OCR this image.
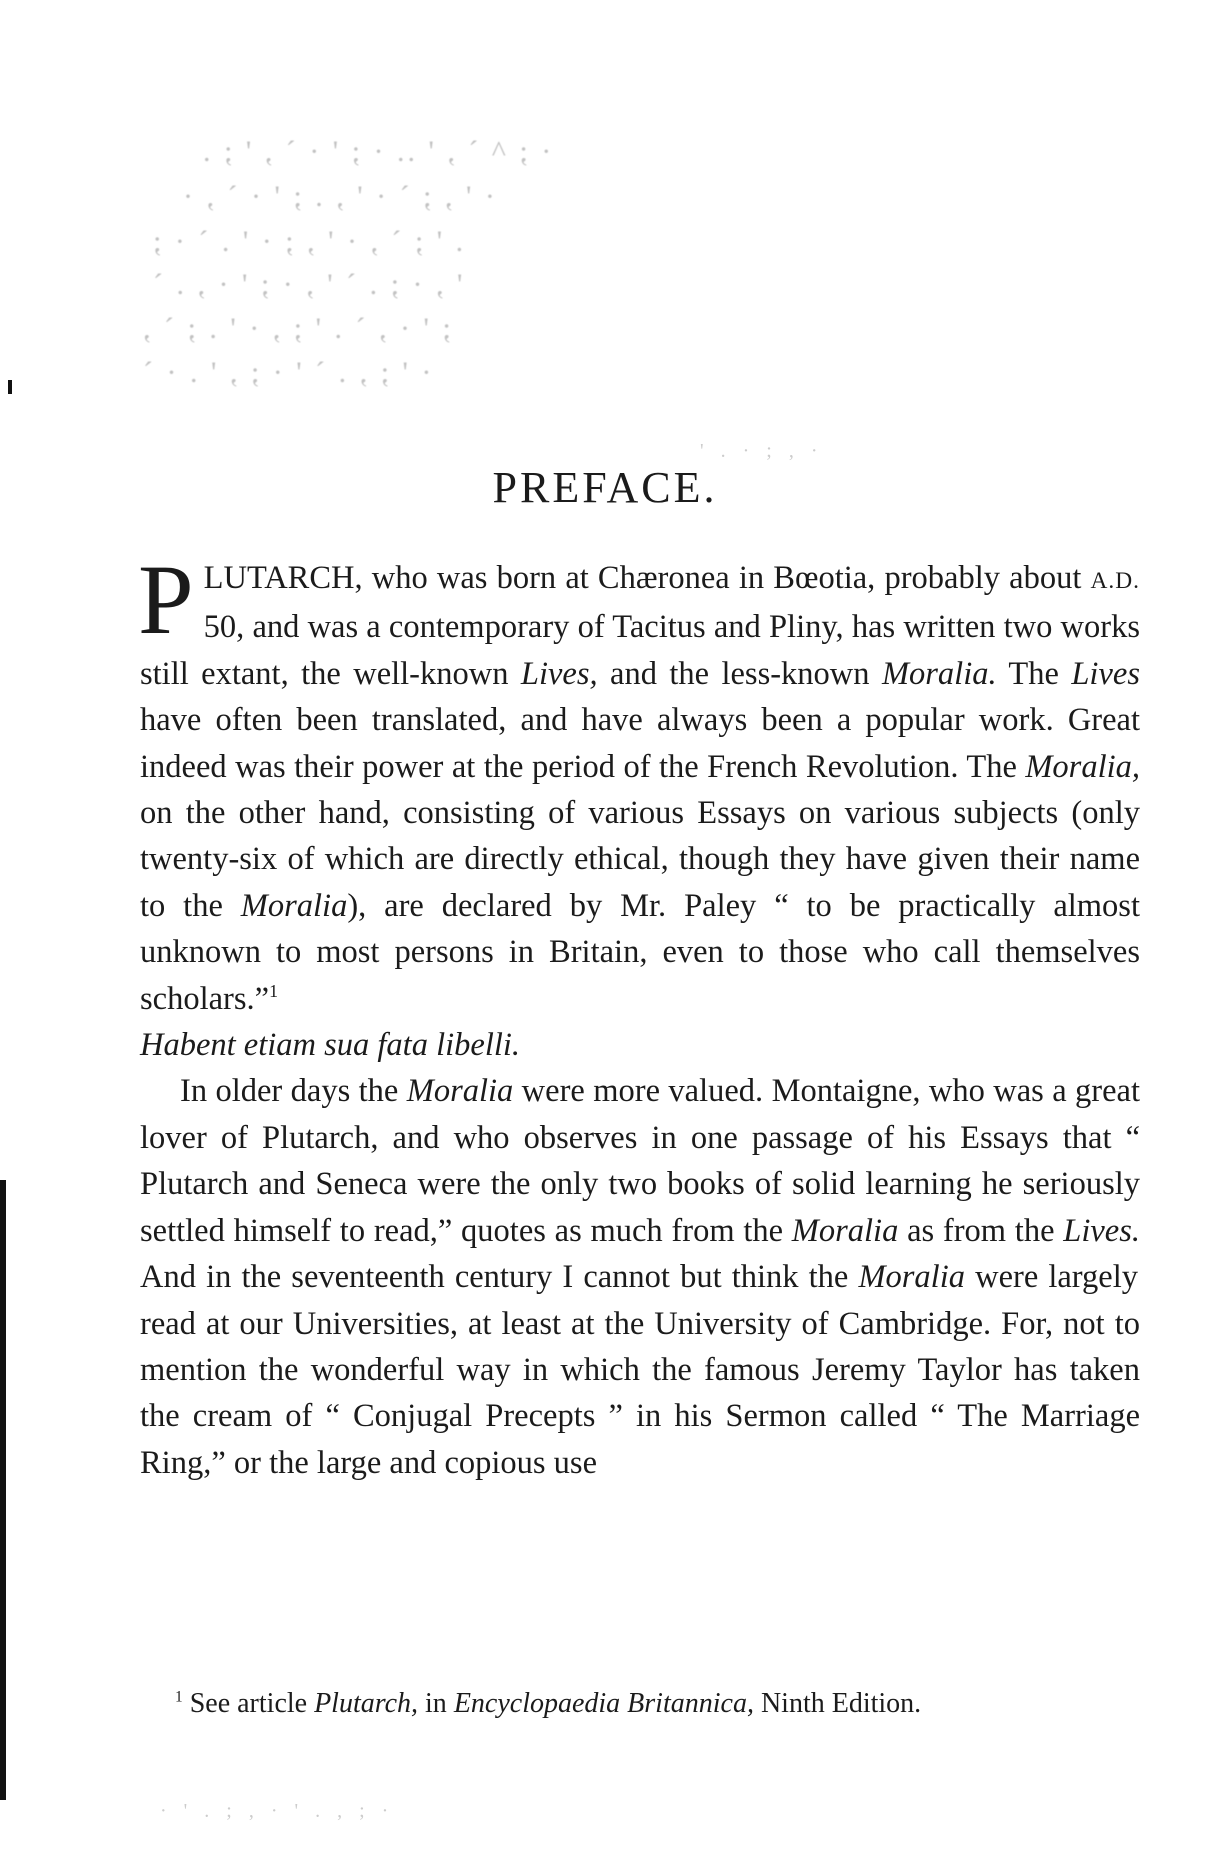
· ; ^ ` , ' .. · ; ' · ` , ' ; .
· ' , ; ` · ' , . ; ' · ` , ·
. ' ; ` , · ' , ; · ' . ` · ;
' , · ; . ` ' , · ; ' · , . `
; ' · , ` . ' ; , · ' . ; ` ,
· ' ; , . ` ' · ; , ' . · `
' . · ; , ·
· ' . ; , · ' . , ; ·
PREFACE.

PLUTARCH, who was born at Chæronea in Bœotia, probably about A.D. 50, and was a contemporary of Tacitus and Pliny, has written two works still extant, the well-known Lives, and the less-known Moralia. The Lives have often been translated, and have always been a popular work. Great indeed was their power at the period of the French Revolution. The Moralia, on the other hand, consisting of various Essays on various subjects (only twenty-six of which are directly ethical, though they have given their name to the Moralia), are declared by Mr. Paley “ to be practically almost unknown to most persons in Britain, even to those who call themselves scholars.”$^1$
Habent etiam sua fata libelli.

In older days the Moralia were more valued. Montaigne, who was a great lover of Plutarch, and who observes in one passage of his Essays that “ Plutarch and Seneca were the only two books of solid learning he seriously settled himself to read,” quotes as much from the Moralia as from the Lives. And in the seventeenth century I cannot but think the Moralia were largely read at our Universities, at least at the University of Cambridge. For, not to mention the wonderful way in which the famous Jeremy Taylor has taken the cream of “ Conjugal Precepts ” in his Sermon called “ The Marriage Ring,” or the large and copious use

$^1$ See article Plutarch, in Encyclopaedia Britannica, Ninth Edition.
